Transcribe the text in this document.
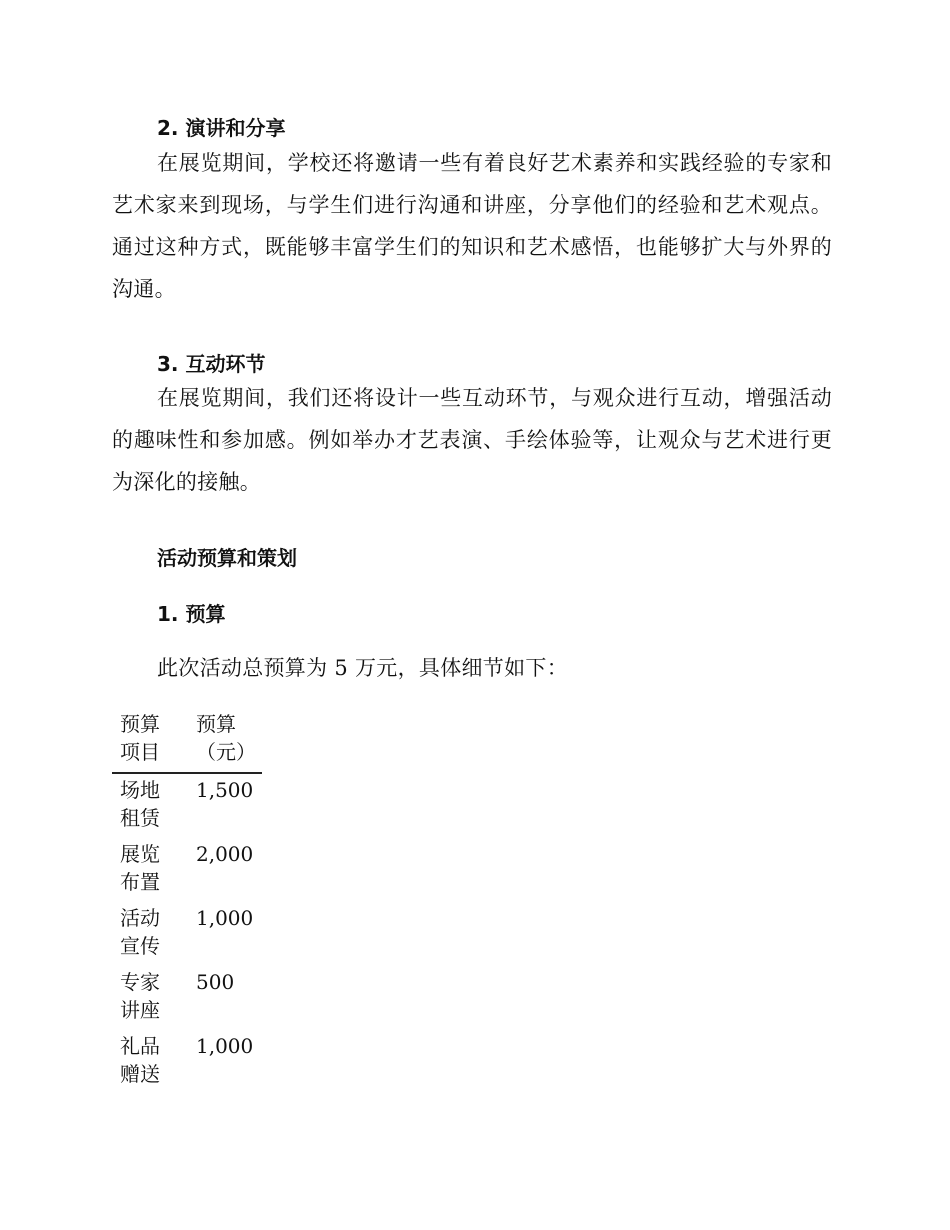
2. 演讲和分享

在展览期间，学校还将邀请一些有着良好艺术素养和实践经验的专家和艺术家来到现场，与学生们进行沟通和讲座，分享他们的经验和艺术观点。通过这种方式，既能够丰富学生们的知识和艺术感悟，也能够扩大与外界的沟通。

3. 互动环节

在展览期间，我们还将设计一些互动环节，与观众进行互动，增强活动的趣味性和参加感。例如举办才艺表演、手绘体验等，让观众与艺术进行更为深化的接触。

活动预算和策划
1. 预算

此次活动总预算为 5 万元，具体细节如下：

预算项目	预算（元）

场地租赁	1,500

展览布置	2,000

活动宣传	1,000

专家讲座	500

礼品赠送	1,000
